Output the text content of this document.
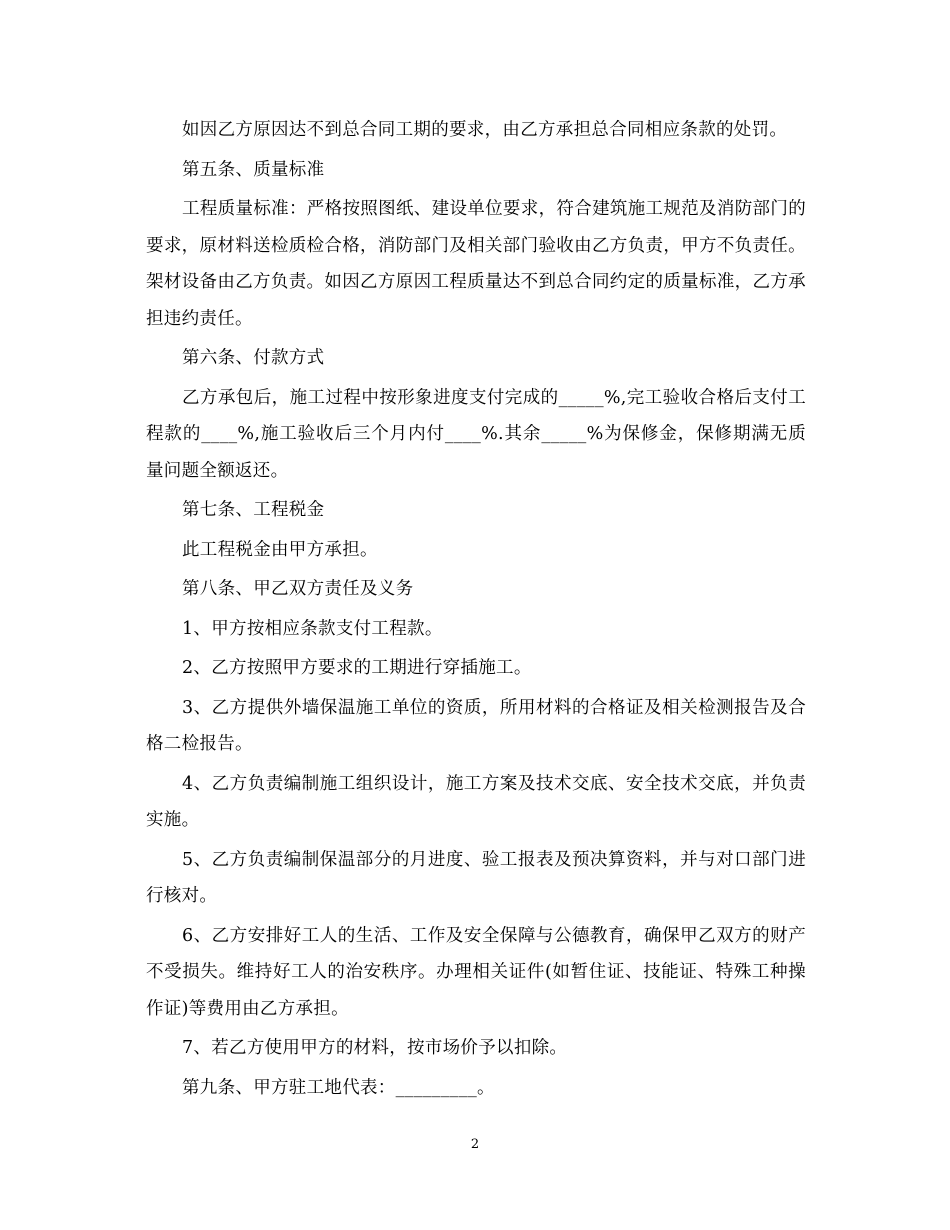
如因乙方原因达不到总合同工期的要求，由乙方承担总合同相应条款的处罚。

第五条、质量标准

工程质量标准：严格按照图纸、建设单位要求，符合建筑施工规范及消防部门的要求，原材料送检质检合格，消防部门及相关部门验收由乙方负责，甲方不负责任。架材设备由乙方负责。如因乙方原因工程质量达不到总合同约定的质量标准，乙方承担违约责任。

第六条、付款方式

乙方承包后，施工过程中按形象进度支付完成的_____%,完工验收合格后支付工程款的____%,施工验收后三个月内付____%.其余_____%为保修金，保修期满无质量问题全额返还。

第七条、工程税金

此工程税金由甲方承担。

第八条、甲乙双方责任及义务

1、甲方按相应条款支付工程款。

2、乙方按照甲方要求的工期进行穿插施工。

3、乙方提供外墙保温施工单位的资质，所用材料的合格证及相关检测报告及合格二检报告。

4、乙方负责编制施工组织设计，施工方案及技术交底、安全技术交底，并负责实施。

5、乙方负责编制保温部分的月进度、验工报表及预决算资料，并与对口部门进行核对。

6、乙方安排好工人的生活、工作及安全保障与公德教育，确保甲乙双方的财产不受损失。维持好工人的治安秩序。办理相关证件(如暂住证、技能证、特殊工种操作证)等费用由乙方承担。

7、若乙方使用甲方的材料，按市场价予以扣除。

第九条、甲方驻工地代表：_________。

2
